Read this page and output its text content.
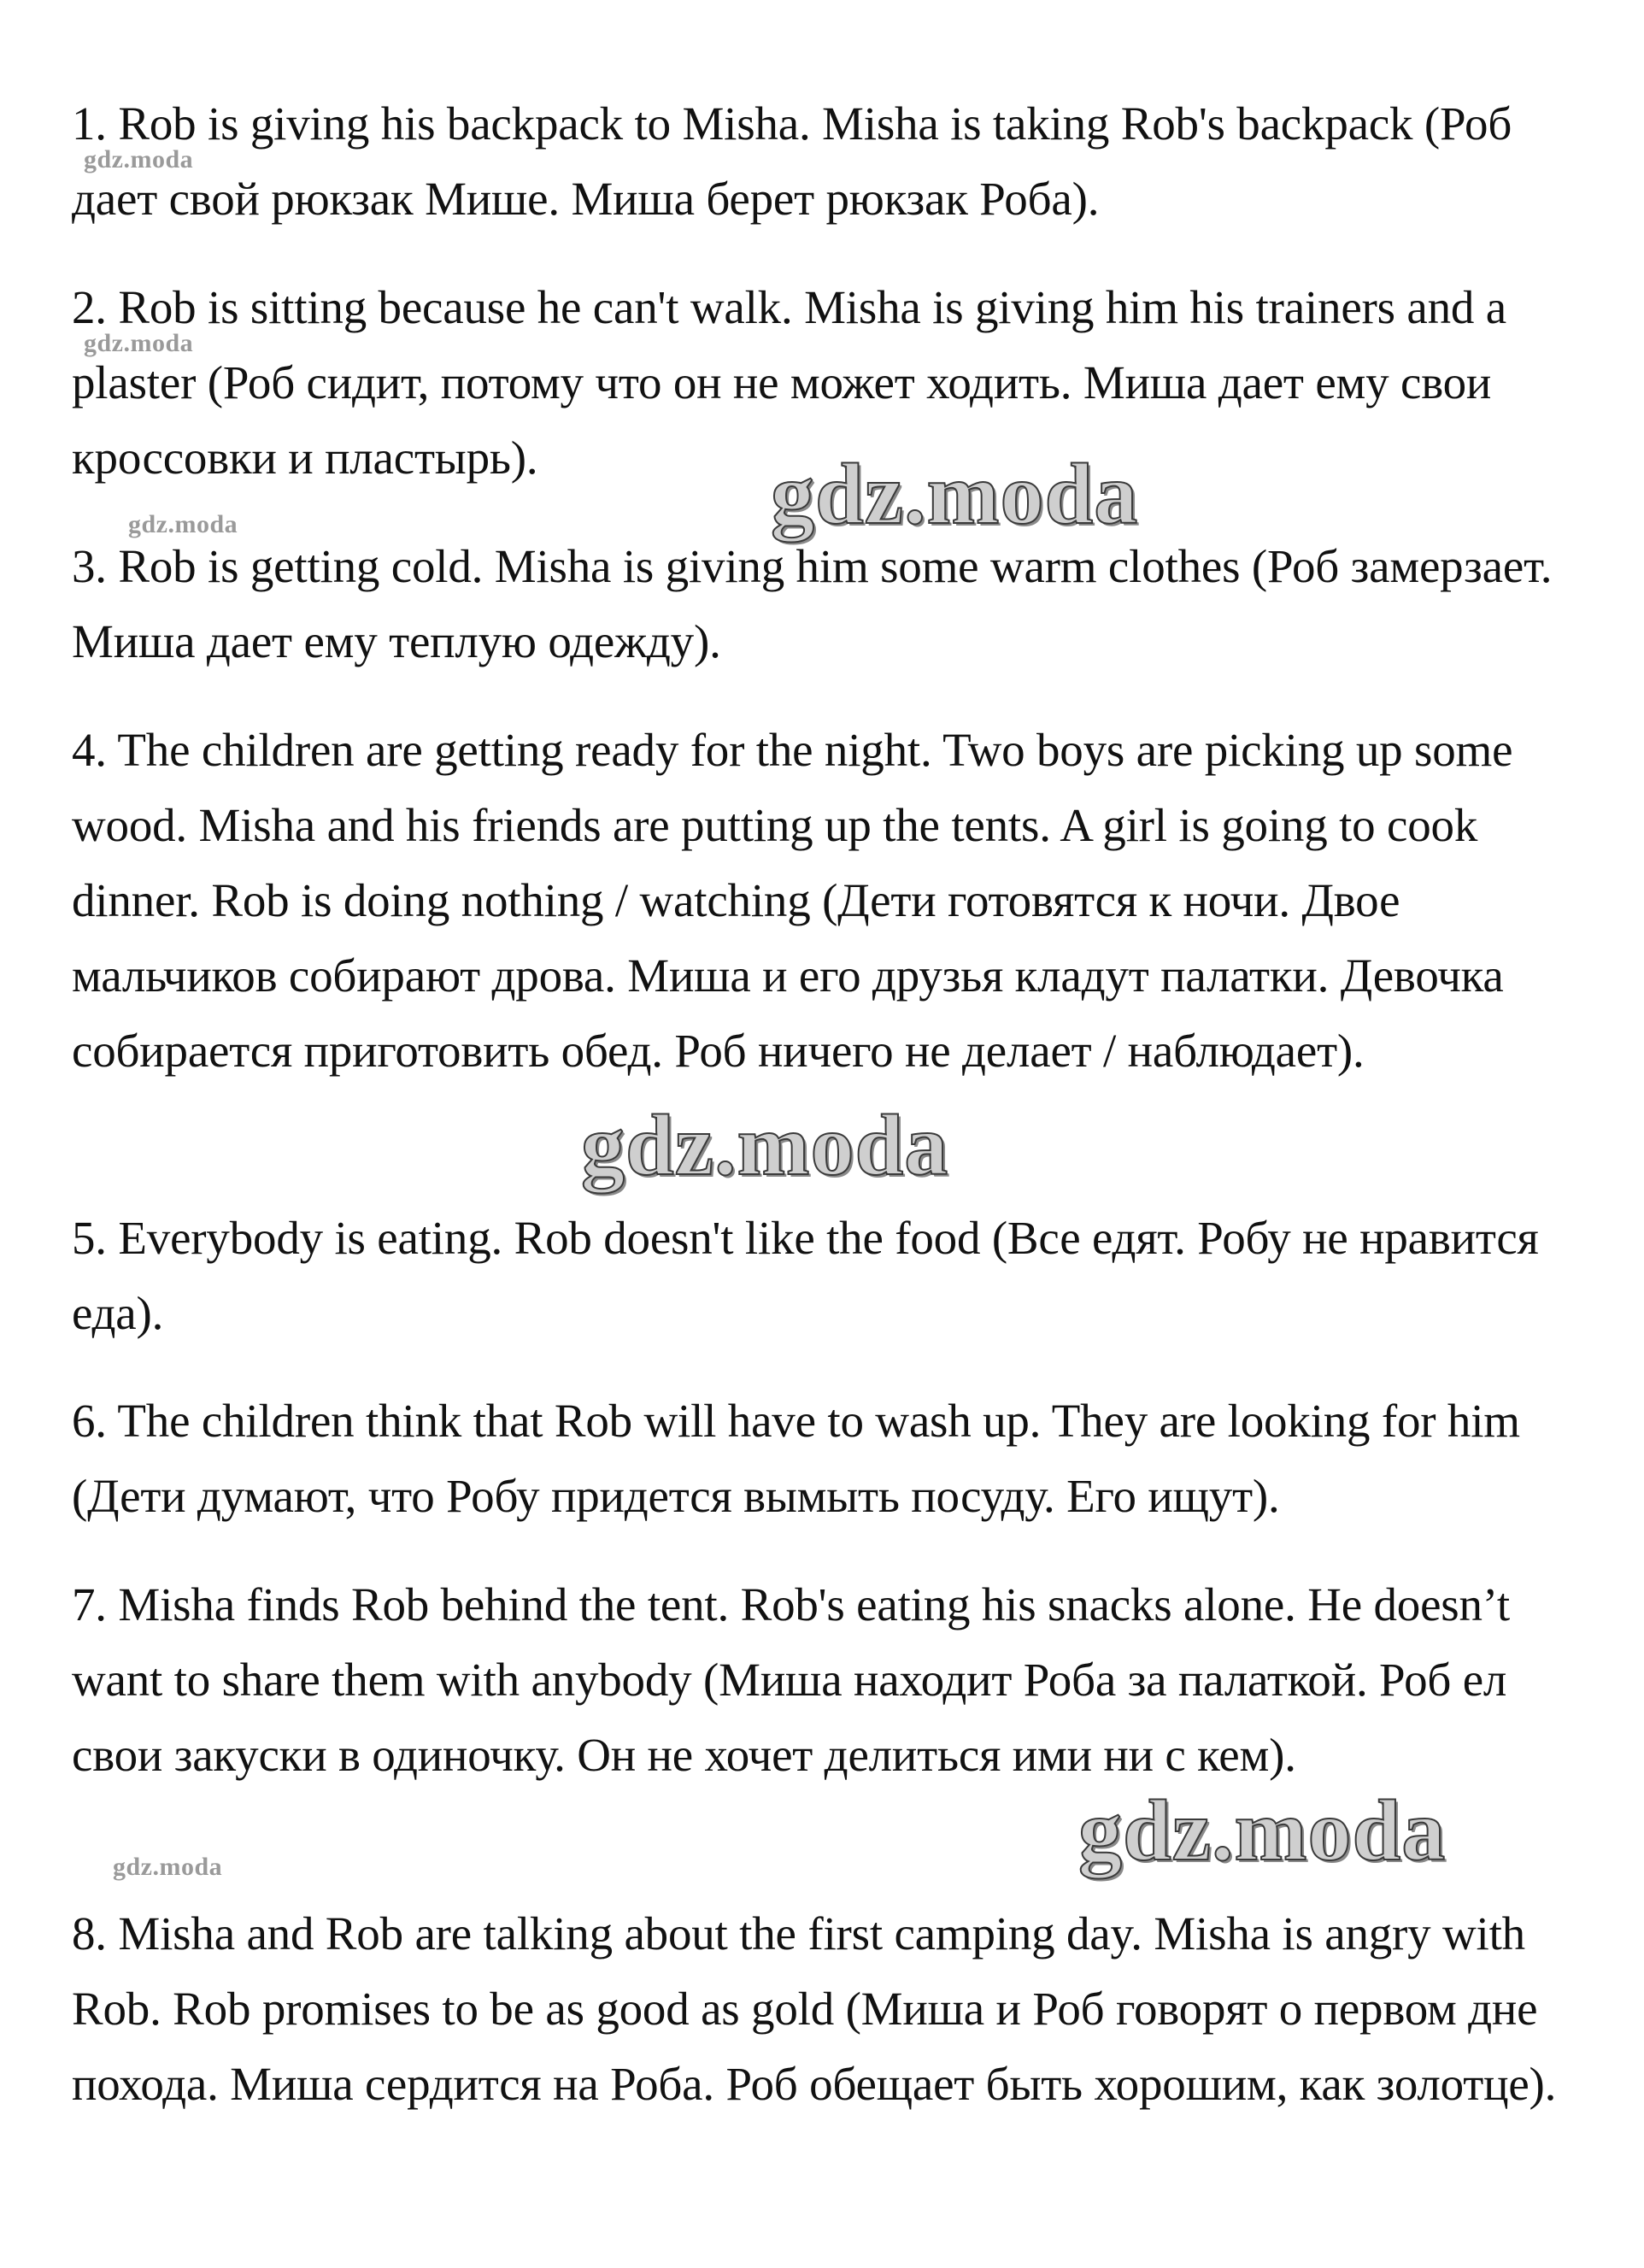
1. Rob is giving his backpack to Misha. Misha is taking Rob's backpack (Роб дает свой рюкзак Мише. Миша берет рюкзак Роба).

2. Rob is sitting because he can't walk. Misha is giving him his trainers and a plaster (Роб сидит, потому что он не может ходить. Миша дает ему свои кроссовки и пластырь).

3. Rob is getting cold. Misha is giving him some warm clothes (Роб замерзает. Миша дает ему теплую одежду).

4. The children are getting ready for the night. Two boys are picking up some wood. Misha and his friends are putting up the tents. A girl is going to cook dinner. Rob is doing nothing / watching (Дети готовятся к ночи. Двое мальчиков собирают дрова. Миша и его друзья кладут палатки. Девочка собирается приготовить обед. Роб ничего не делает / наблюдает).

5. Everybody is eating. Rob doesn't like the food (Все едят. Робу не нравится еда).

6. The children think that Rob will have to wash up. They are looking for him (Дети думают, что Робу придется вымыть посуду. Его ищут).

7. Misha finds Rob behind the tent. Rob's eating his snacks alone. He doesn’t want to share them with anybody (Миша находит Роба за палаткой. Роб ел свои закуски в одиночку. Он не хочет делиться ими ни с кем).

8. Misha and Rob are talking about the first camping day. Misha is angry with Rob. Rob promises to be as good as gold (Миша и Роб говорят о первом дне похода. Миша сердится на Роба. Роб обещает быть хорошим, как золотце).

gdz.moda
gdz.moda
gdz.moda
gdz.moda
gdz.moda
gdz.moda
gdz.moda
